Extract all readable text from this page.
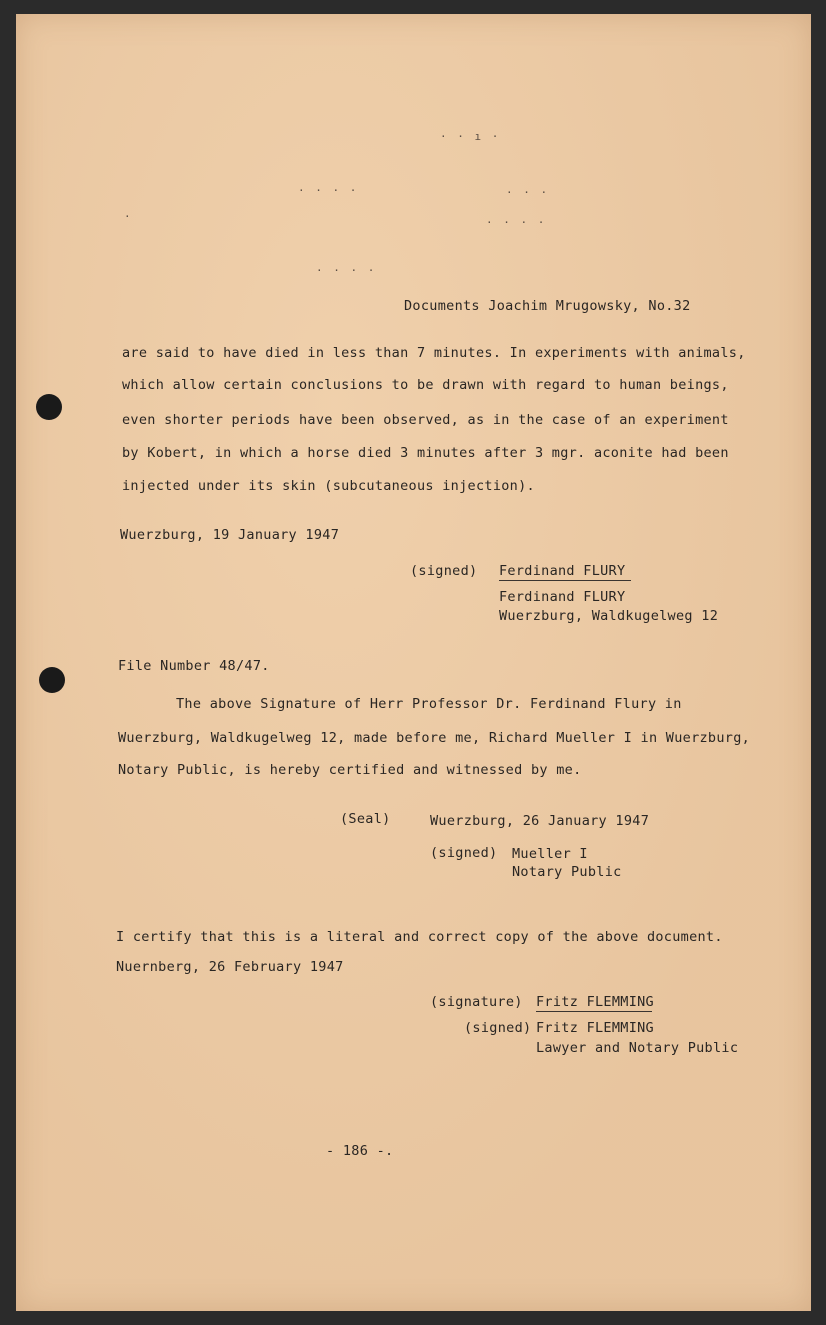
· · ı ·
· · · ·	· · ·
·	· · · ·
· · · ·
Documents Joachim Mrugowsky, No.32
are said to have died in less than 7 minutes. In experiments with animals,
which allow certain conclusions to be drawn with regard to human beings,
even shorter periods have been observed, as in the case of an experiment
by Kobert, in which a horse died 3 minutes after 3 mgr. aconite had been
injected under its skin (subcutaneous injection).
Wuerzburg, 19 January 1947
(signed) Ferdinand FLURY
Ferdinand FLURY
Wuerzburg, Waldkugelweg 12
File Number 48/47.
The above Signature of Herr Professor Dr. Ferdinand Flury in
Wuerzburg, Waldkugelweg 12, made before me, Richard Mueller I in Wuerzburg,
Notary Public, is hereby certified and witnessed by me.
(Seal)	Wuerzburg, 26 January 1947
(signed) Mueller I
Notary Public
I certify that this is a literal and correct copy of the above document.
Nuernberg, 26 February 1947
(signature) Fritz FLEMMING
(signed) Fritz FLEMMING
Lawyer and Notary Public
- 186 -.
